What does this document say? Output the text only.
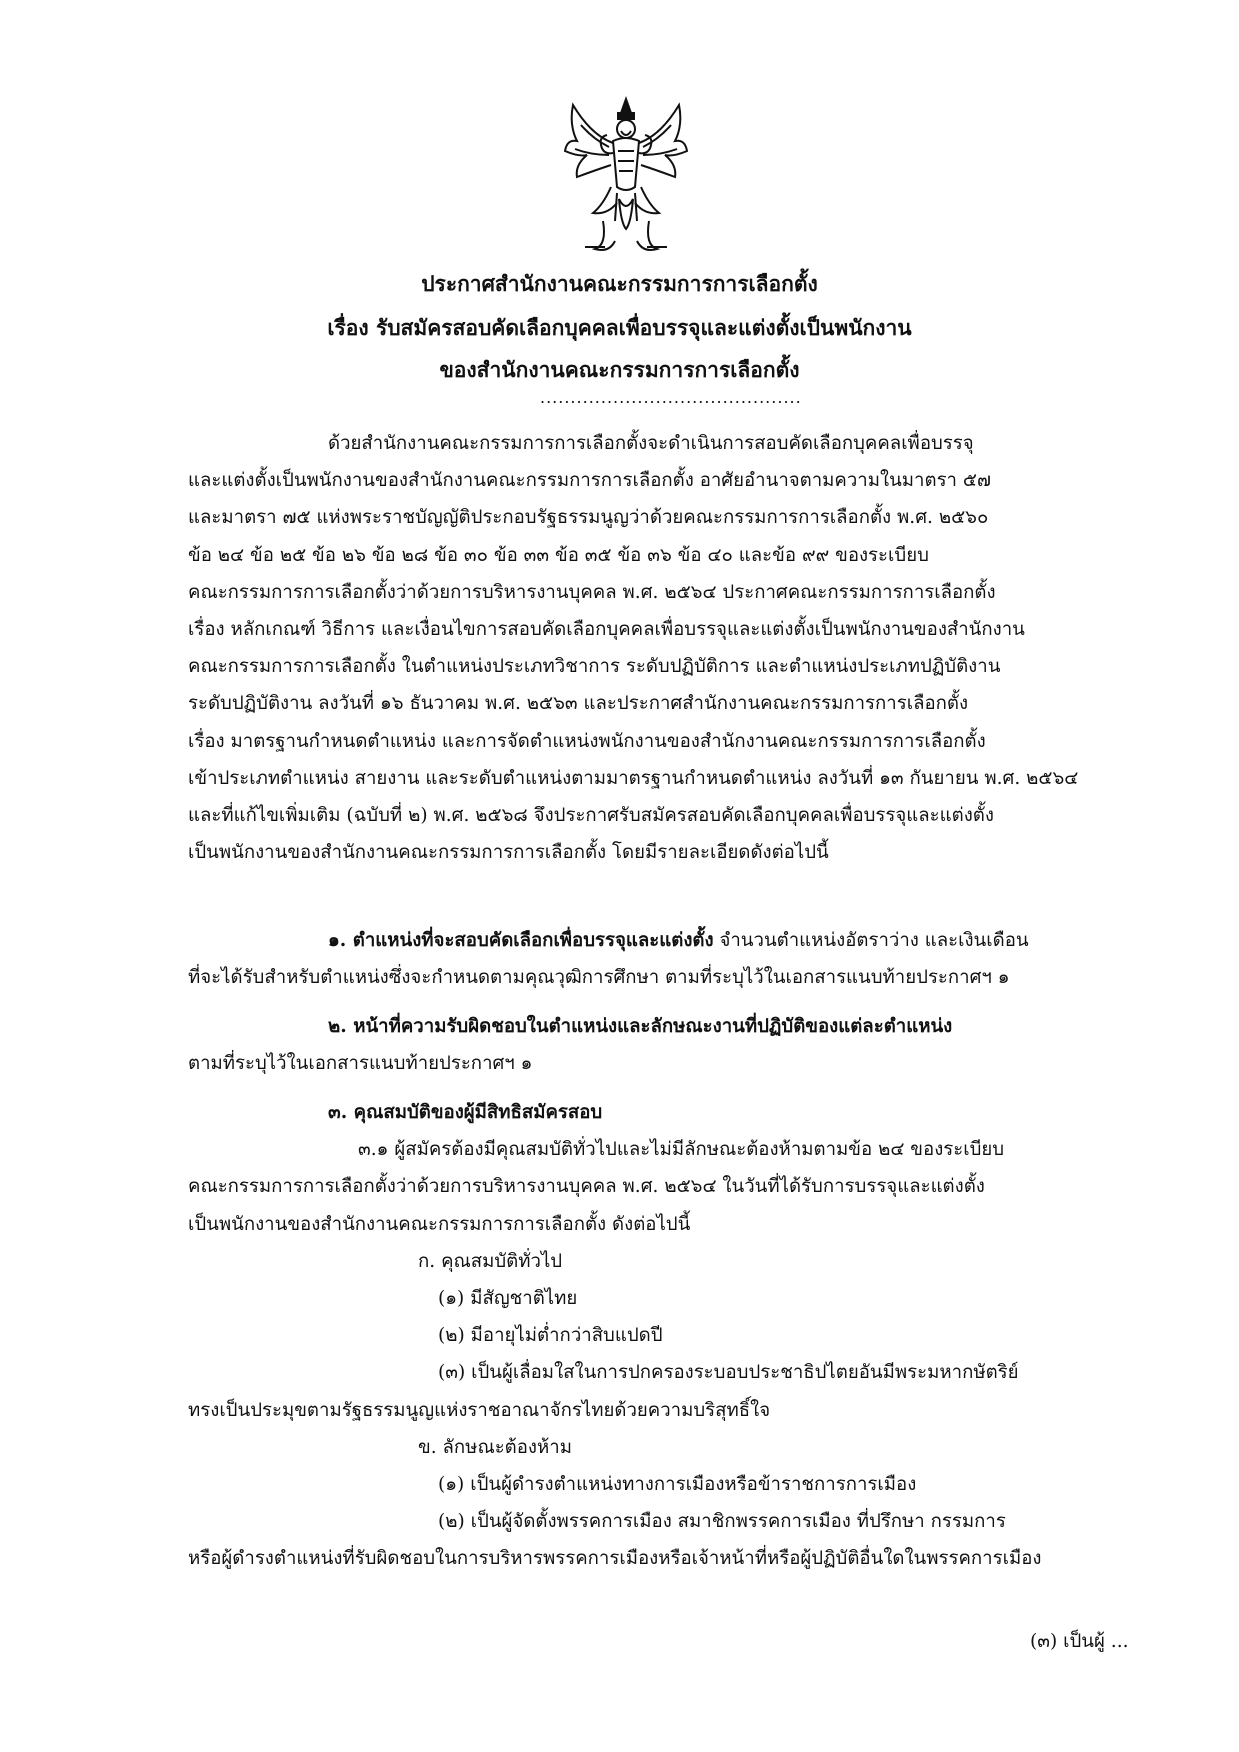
ประกาศสำนักงานคณะกรรมการการเลือกตั้ง
เรื่อง รับสมัครสอบคัดเลือกบุคคลเพื่อบรรจุและแต่งตั้งเป็นพนักงาน
ของสำนักงานคณะกรรมการการเลือกตั้ง
...........................................
ด้วยสำนักงานคณะกรรมการการเลือกตั้งจะดำเนินการสอบคัดเลือกบุคคลเพื่อบรรจุ
และแต่งตั้งเป็นพนักงานของสำนักงานคณะกรรมการการเลือกตั้ง อาศัยอำนาจตามความในมาตรา ๕๗
และมาตรา ๗๕ แห่งพระราชบัญญัติประกอบรัฐธรรมนูญว่าด้วยคณะกรรมการการเลือกตั้ง พ.ศ. ๒๕๖๐
ข้อ ๒๔ ข้อ ๒๕ ข้อ ๒๖ ข้อ ๒๘ ข้อ ๓๐ ข้อ ๓๓ ข้อ ๓๕ ข้อ ๓๖ ข้อ ๔๐ และข้อ ๙๙ ของระเบียบ
คณะกรรมการการเลือกตั้งว่าด้วยการบริหารงานบุคคล พ.ศ. ๒๕๖๔ ประกาศคณะกรรมการการเลือกตั้ง
เรื่อง หลักเกณฑ์ วิธีการ และเงื่อนไขการสอบคัดเลือกบุคคลเพื่อบรรจุและแต่งตั้งเป็นพนักงานของสำนักงาน
คณะกรรมการการเลือกตั้ง ในตำแหน่งประเภทวิชาการ ระดับปฏิบัติการ และตำแหน่งประเภทปฏิบัติงาน
ระดับปฏิบัติงาน ลงวันที่ ๑๖ ธันวาคม พ.ศ. ๒๕๖๓ และประกาศสำนักงานคณะกรรมการการเลือกตั้ง
เรื่อง มาตรฐานกำหนดตำแหน่ง และการจัดตำแหน่งพนักงานของสำนักงานคณะกรรมการการเลือกตั้ง
เข้าประเภทตำแหน่ง สายงาน และระดับตำแหน่งตามมาตรฐานกำหนดตำแหน่ง ลงวันที่ ๑๓ กันยายน พ.ศ. ๒๕๖๔
และที่แก้ไขเพิ่มเติม (ฉบับที่ ๒) พ.ศ. ๒๕๖๘ จึงประกาศรับสมัครสอบคัดเลือกบุคคลเพื่อบรรจุและแต่งตั้ง
เป็นพนักงานของสำนักงานคณะกรรมการการเลือกตั้ง โดยมีรายละเอียดดังต่อไปนี้
๑. ตำแหน่งที่จะสอบคัดเลือกเพื่อบรรจุและแต่งตั้ง จำนวนตำแหน่งอัตราว่าง และเงินเดือน
ที่จะได้รับสำหรับตำแหน่งซึ่งจะกำหนดตามคุณวุฒิการศึกษา ตามที่ระบุไว้ในเอกสารแนบท้ายประกาศฯ ๑
๒. หน้าที่ความรับผิดชอบในตำแหน่งและลักษณะงานที่ปฏิบัติของแต่ละตำแหน่ง
ตามที่ระบุไว้ในเอกสารแนบท้ายประกาศฯ ๑
๓. คุณสมบัติของผู้มีสิทธิสมัครสอบ
๓.๑ ผู้สมัครต้องมีคุณสมบัติทั่วไปและไม่มีลักษณะต้องห้ามตามข้อ ๒๔ ของระเบียบ
คณะกรรมการการเลือกตั้งว่าด้วยการบริหารงานบุคคล พ.ศ. ๒๕๖๔ ในวันที่ได้รับการบรรจุและแต่งตั้ง
เป็นพนักงานของสำนักงานคณะกรรมการการเลือกตั้ง ดังต่อไปนี้
ก. คุณสมบัติทั่วไป
(๑) มีสัญชาติไทย
(๒) มีอายุไม่ต่ำกว่าสิบแปดปี
(๓) เป็นผู้เลื่อมใสในการปกครองระบอบประชาธิปไตยอันมีพระมหากษัตริย์
ทรงเป็นประมุขตามรัฐธรรมนูญแห่งราชอาณาจักรไทยด้วยความบริสุทธิ์ใจ
ข. ลักษณะต้องห้าม
(๑) เป็นผู้ดำรงตำแหน่งทางการเมืองหรือข้าราชการการเมือง
(๒) เป็นผู้จัดตั้งพรรคการเมือง สมาชิกพรรคการเมือง ที่ปรึกษา กรรมการ
หรือผู้ดำรงตำแหน่งที่รับผิดชอบในการบริหารพรรคการเมืองหรือเจ้าหน้าที่หรือผู้ปฏิบัติอื่นใดในพรรคการเมือง
(๓) เป็นผู้ ...
